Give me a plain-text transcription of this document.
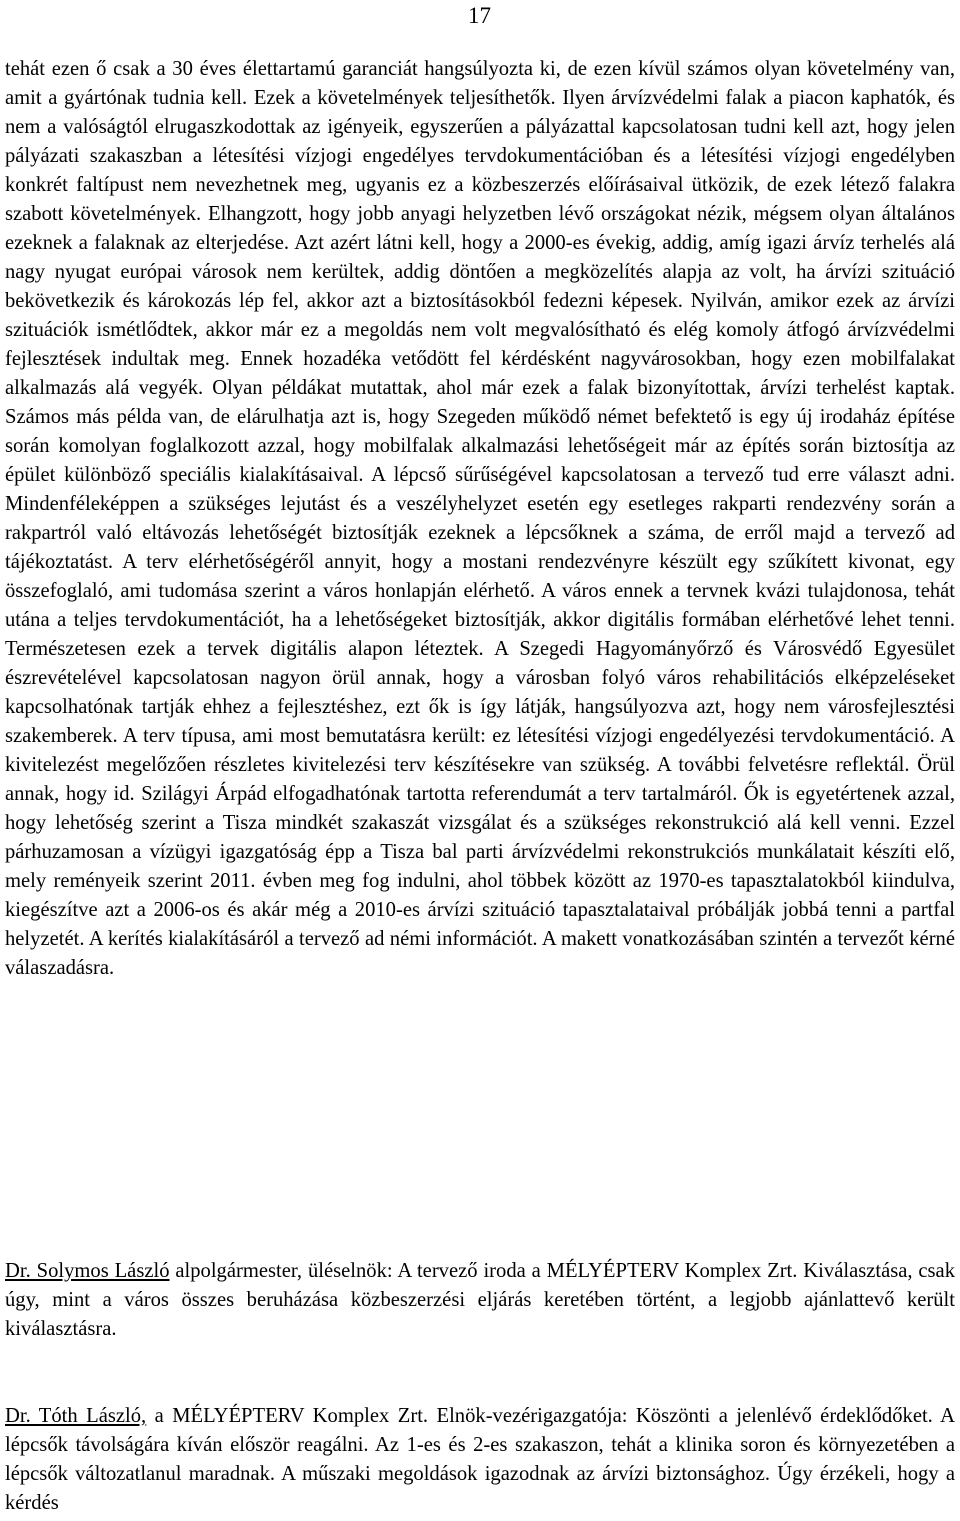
17

tehát ezen ő csak a 30 éves élettartamú garanciát hangsúlyozta ki, de ezen kívül számos olyan követelmény van, amit a gyártónak tudnia kell. Ezek a követelmények teljesíthetők. Ilyen árvízvédelmi falak a piacon kaphatók, és nem a valóságtól elrugaszkodottak az igényeik, egyszerűen a pályázattal kapcsolatosan tudni kell azt, hogy jelen pályázati szakaszban a létesítési vízjogi engedélyes tervdokumentációban és a létesítési vízjogi engedélyben konkrét faltípust nem nevezhetnek meg, ugyanis ez a közbeszerzés előírásaival ütközik, de ezek létező falakra szabott követelmények. Elhangzott, hogy jobb anyagi helyzetben lévő országokat nézik, mégsem olyan általános ezeknek a falaknak az elterjedése. Azt azért látni kell, hogy a 2000-es évekig, addig, amíg igazi árvíz terhelés alá nagy nyugat európai városok nem kerültek, addig döntően a megközelítés alapja az volt, ha árvízi szituáció bekövetkezik és károkozás lép fel, akkor azt a biztosításokból fedezni képesek. Nyilván, amikor ezek az árvízi szituációk ismétlődtek, akkor már ez a megoldás nem volt megvalósítható és elég komoly átfogó árvízvédelmi fejlesztések indultak meg. Ennek hozadéka vetődött fel kérdésként nagyvárosokban, hogy ezen mobilfalakat alkalmazás alá vegyék. Olyan példákat mutattak, ahol már ezek a falak bizonyítottak, árvízi terhelést kaptak. Számos más példa van, de elárulhatja azt is, hogy Szegeden működő német befektető is egy új irodaház építése során komolyan foglalkozott azzal, hogy mobilfalak alkalmazási lehetőségeit már az építés során biztosítja az épület különböző speciális kialakításaival. A lépcső sűrűségével kapcsolatosan a tervező tud erre választ adni. Mindenféleképpen a szükséges lejutást és a veszélyhelyzet esetén egy esetleges rakparti rendezvény során a rakpartról való eltávozás lehetőségét biztosítják ezeknek a lépcsőknek a száma, de erről majd a tervező ad tájékoztatást. A terv elérhetőségéről annyit, hogy a mostani rendezvényre készült egy szűkített kivonat, egy összefoglaló, ami tudomása szerint a város honlapján elérhető. A város ennek a tervnek kvázi tulajdonosa, tehát utána a teljes tervdokumentációt, ha a lehetőségeket biztosítják, akkor digitális formában elérhetővé lehet tenni. Természetesen ezek a tervek digitális alapon léteztek. A Szegedi Hagyományőrző és Városvédő Egyesület észrevételével kapcsolatosan nagyon örül annak, hogy a városban folyó város rehabilitációs elképzeléseket kapcsolhatónak tartják ehhez a fejlesztéshez, ezt ők is így látják, hangsúlyozva azt, hogy nem városfejlesztési szakemberek. A terv típusa, ami most bemutatásra került: ez létesítési vízjogi engedélyezési tervdokumentáció. A kivitelezést megelőzően részletes kivitelezési terv készítésekre van szükség. A további felvetésre reflektál. Örül annak, hogy id. Szilágyi Árpád elfogadhatónak tartotta referendumát a terv tartalmáról. Ők is egyetértenek azzal, hogy lehetőség szerint a Tisza mindkét szakaszát vizsgálat és a szükséges rekonstrukció alá kell venni. Ezzel párhuzamosan a vízügyi igazgatóság épp a Tisza bal parti árvízvédelmi rekonstrukciós munkálatait készíti elő, mely reményeik szerint 2011. évben meg fog indulni, ahol többek között az 1970-es tapasztalatokból kiindulva, kiegészítve azt a 2006-os és akár még a 2010-es árvízi szituáció tapasztalataival próbálják jobbá tenni a partfal helyzetét. A kerítés kialakításáról a tervező ad némi információt. A makett vonatkozásában szintén a tervezőt kérné válaszadásra.

Dr. Solymos László alpolgármester, üléselnök: A tervező iroda a MÉLYÉPTERV Komplex Zrt. Kiválasztása, csak úgy, mint a város összes beruházása közbeszerzési eljárás keretében történt, a legjobb ajánlattevő került kiválasztásra.

Dr. Tóth László, a MÉLYÉPTERV Komplex Zrt. Elnök-vezérigazgatója: Köszönti a jelenlévő érdeklődőket. A lépcsők távolságára kíván először reagálni. Az 1-es és 2-es szakaszon, tehát a klinika soron és környezetében a lépcsők változatlanul maradnak. A műszaki megoldások igazodnak az árvízi biztonsághoz. Úgy érzékeli, hogy a kérdés
